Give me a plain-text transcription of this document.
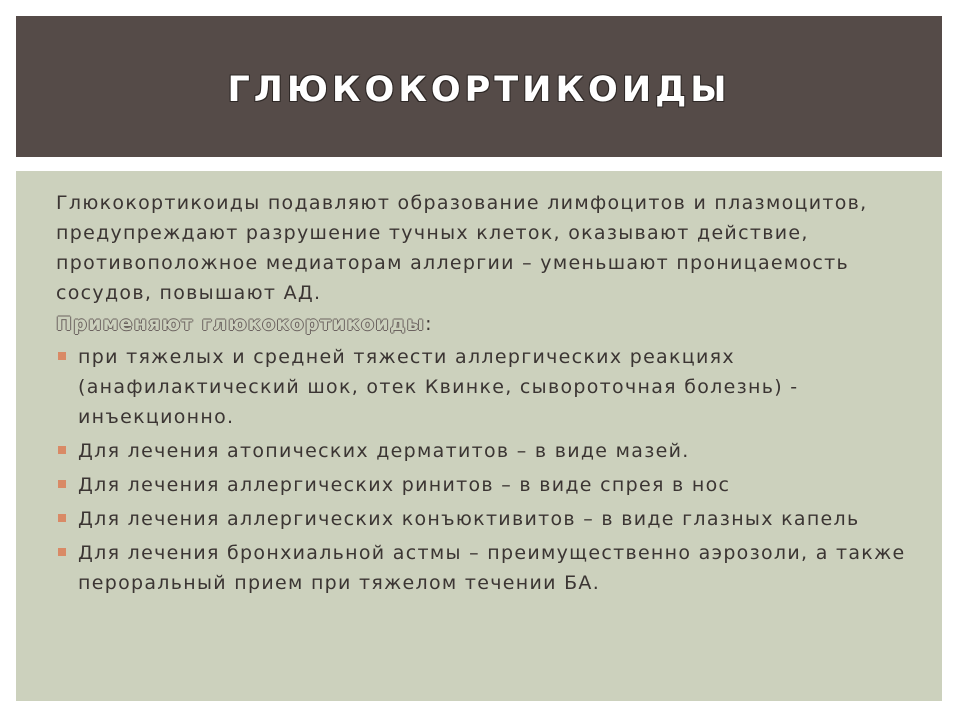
ГЛЮКОКОРТИКОИДЫ

Глюкокортикоиды подавляют образование лимфоцитов и плазмоцитов, предупреждают разрушение тучных клеток, оказывают действие, противоположное медиаторам аллергии – уменьшают проницаемость сосудов, повышают АД.

Применяют глюкокортикоиды:

при тяжелых и средней тяжести аллергических реакциях (анафилактический шок, отек Квинке, сывороточная болезнь) - инъекционно.
Для лечения атопических дерматитов – в виде мазей.
Для лечения аллергических ринитов – в виде спрея в нос
Для лечения аллергических конъюктивитов – в виде глазных капель
Для лечения бронхиальной астмы – преимущественно аэрозоли, а также пероральный прием при тяжелом течении БА.
